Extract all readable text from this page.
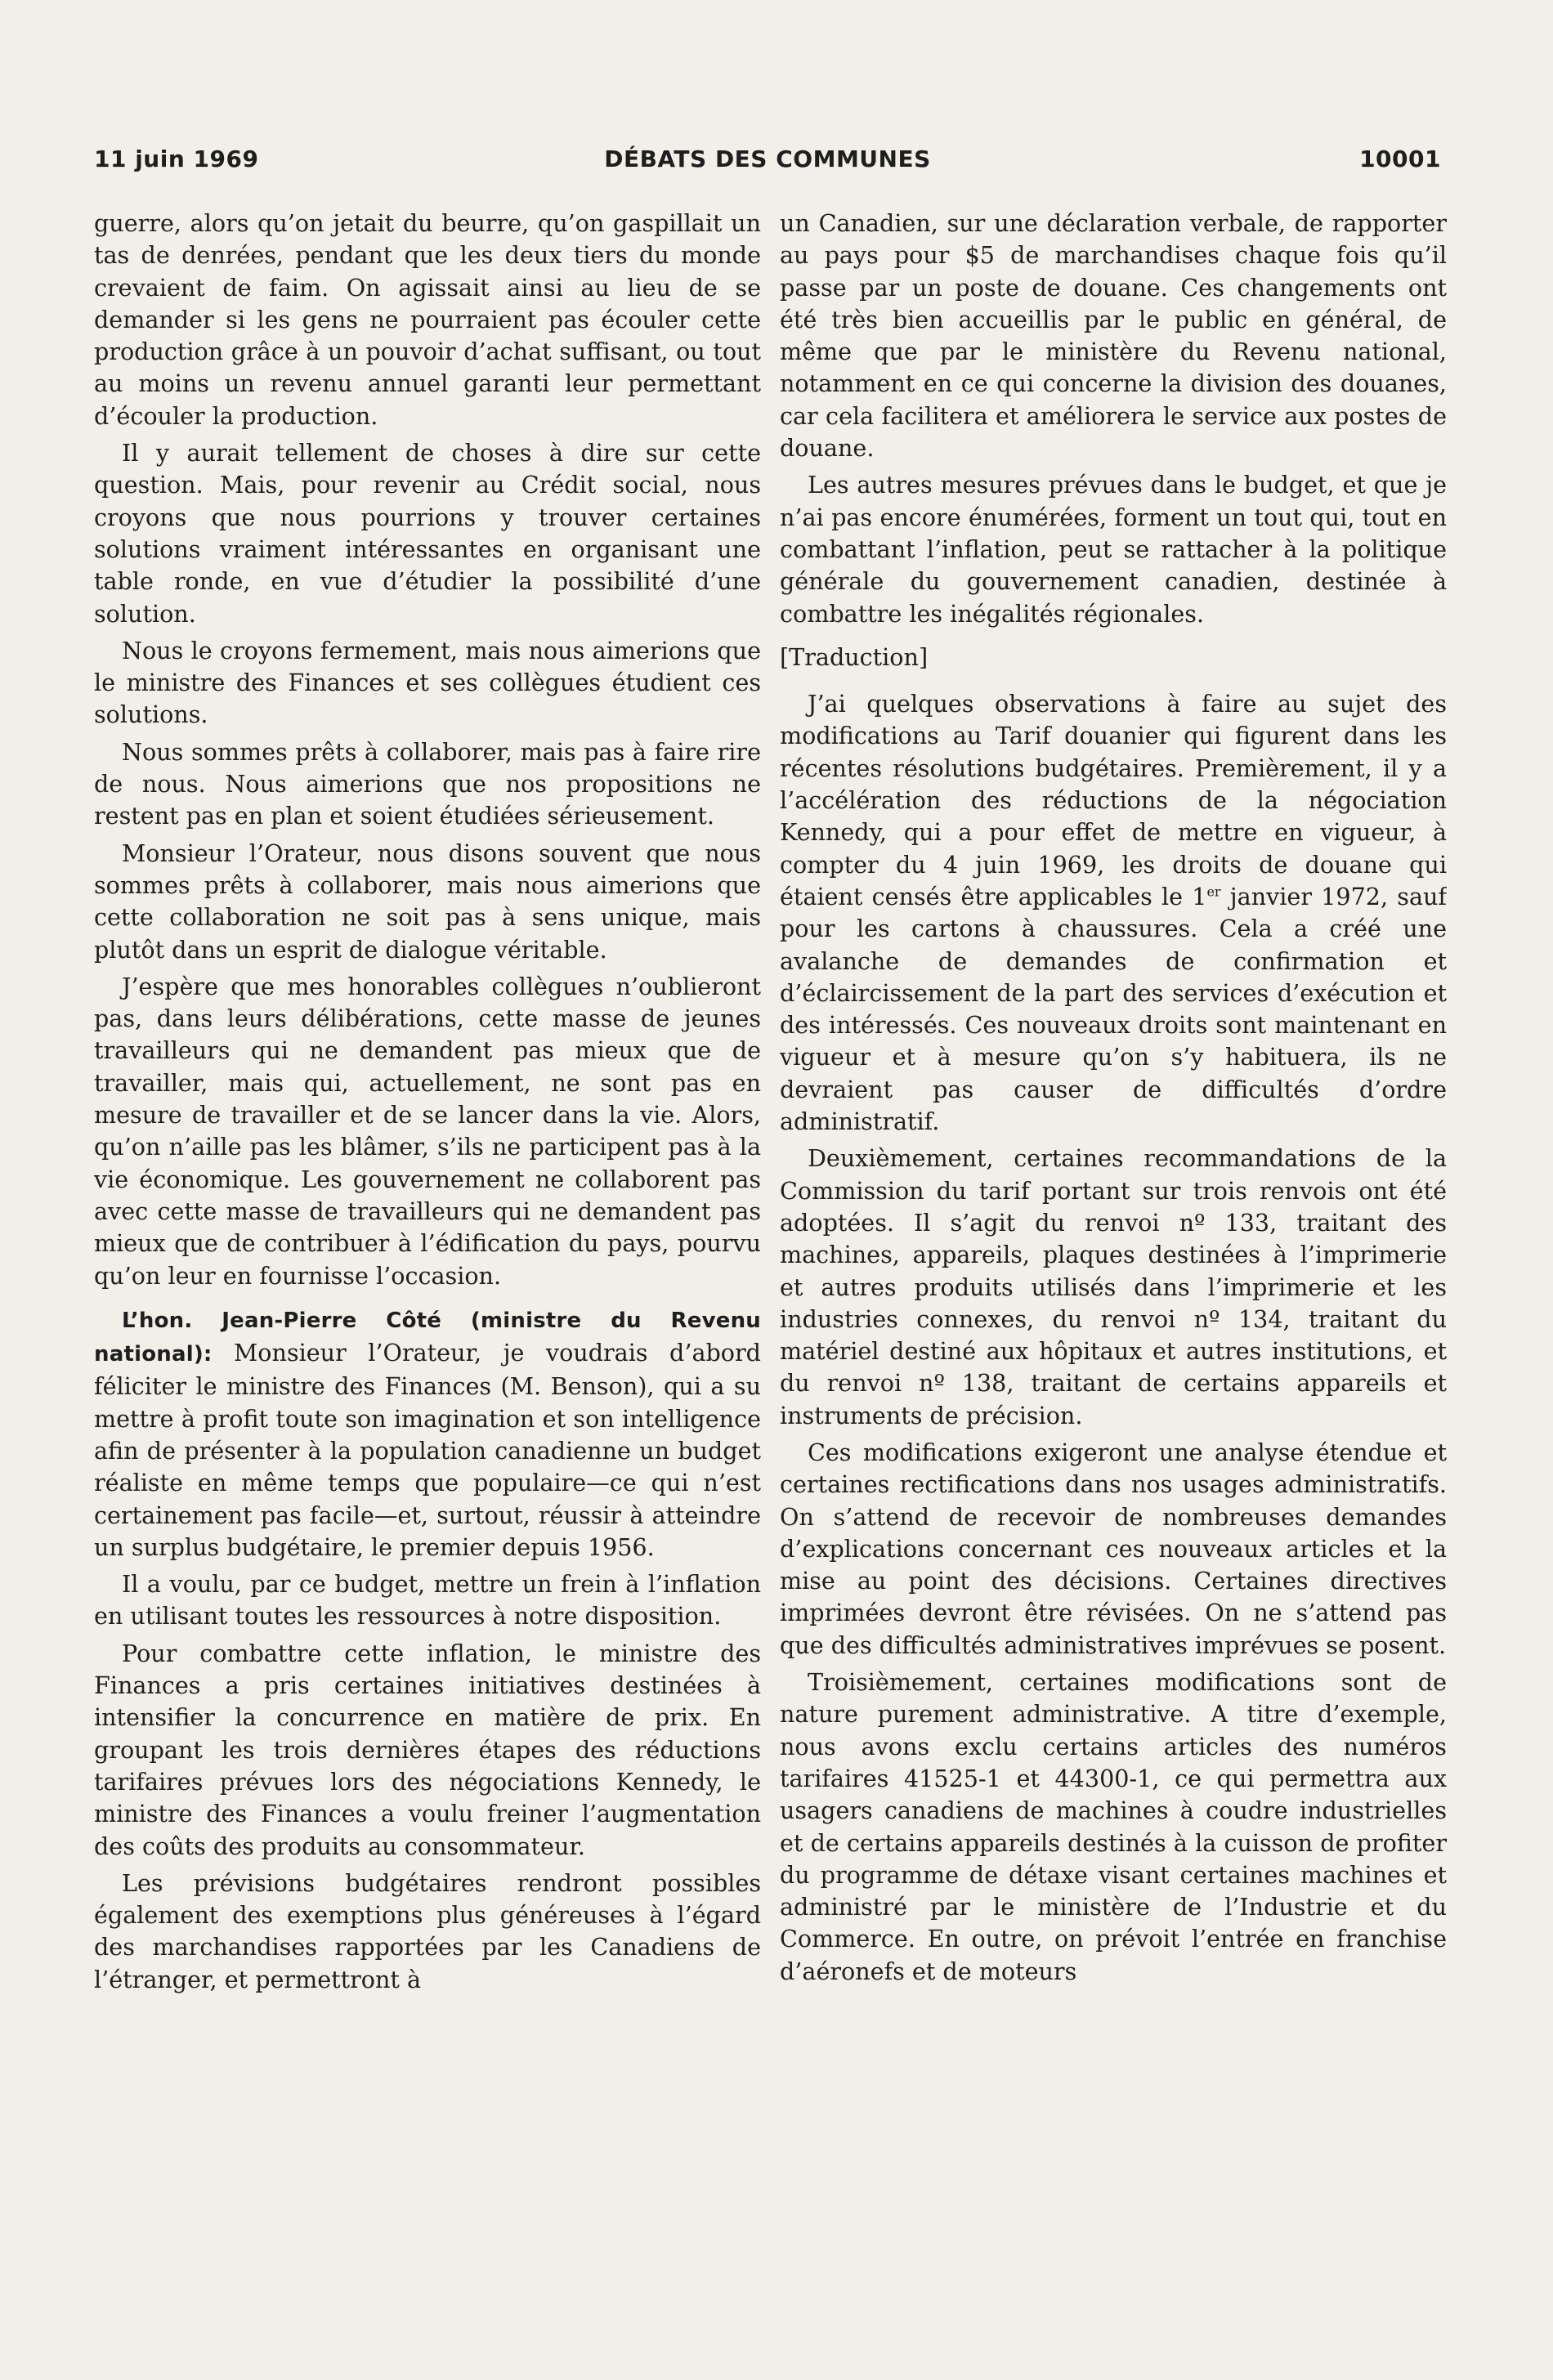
11 juin 1969	DÉBATS DES COMMUNES	10001

guerre, alors qu’on jetait du beurre, qu’on gaspillait un tas de denrées, pendant que les deux tiers du monde crevaient de faim. On agissait ainsi au lieu de se demander si les gens ne pourraient pas écouler cette production grâce à un pouvoir d’achat suffisant, ou tout au moins un revenu annuel garanti leur permettant d’écouler la production.

Il y aurait tellement de choses à dire sur cette question. Mais, pour revenir au Crédit social, nous croyons que nous pourrions y trouver certaines solutions vraiment intéressantes en organisant une table ronde, en vue d’étudier la possibilité d’une solution.

Nous le croyons fermement, mais nous aimerions que le ministre des Finances et ses collègues étudient ces solutions.

Nous sommes prêts à collaborer, mais pas à faire rire de nous. Nous aimerions que nos propositions ne restent pas en plan et soient étudiées sérieusement.

Monsieur l’Orateur, nous disons souvent que nous sommes prêts à collaborer, mais nous aimerions que cette collaboration ne soit pas à sens unique, mais plutôt dans un esprit de dialogue véritable.

J’espère que mes honorables collègues n’oublieront pas, dans leurs délibérations, cette masse de jeunes travailleurs qui ne demandent pas mieux que de travailler, mais qui, actuellement, ne sont pas en mesure de travailler et de se lancer dans la vie. Alors, qu’on n’aille pas les blâmer, s’ils ne participent pas à la vie économique. Les gouvernement ne collaborent pas avec cette masse de travailleurs qui ne demandent pas mieux que de contribuer à l’édification du pays, pourvu qu’on leur en fournisse l’occasion.

L’hon. Jean-Pierre Côté (ministre du Revenu national): Monsieur l’Orateur, je voudrais d’abord féliciter le ministre des Finances (M. Benson), qui a su mettre à profit toute son imagination et son intelligence afin de présenter à la population canadienne un budget réaliste en même temps que populaire—ce qui n’est certainement pas facile—et, surtout, réussir à atteindre un surplus budgétaire, le premier depuis 1956.

Il a voulu, par ce budget, mettre un frein à l’inflation en utilisant toutes les ressources à notre disposition.

Pour combattre cette inflation, le ministre des Finances a pris certaines initiatives destinées à intensifier la concurrence en matière de prix. En groupant les trois dernières étapes des réductions tarifaires prévues lors des négociations Kennedy, le ministre des Finances a voulu freiner l’augmentation des coûts des produits au consommateur.

Les prévisions budgétaires rendront possibles également des exemptions plus généreuses à l’égard des marchandises rapportées par les Canadiens de l’étranger, et permettront à

un Canadien, sur une déclaration verbale, de rapporter au pays pour $5 de marchandises chaque fois qu’il passe par un poste de douane. Ces changements ont été très bien accueillis par le public en général, de même que par le ministère du Revenu national, notamment en ce qui concerne la division des douanes, car cela facilitera et améliorera le service aux postes de douane.

Les autres mesures prévues dans le budget, et que je n’ai pas encore énumérées, forment un tout qui, tout en combattant l’inflation, peut se rattacher à la politique générale du gouvernement canadien, destinée à combattre les inégalités régionales.

[Traduction]

J’ai quelques observations à faire au sujet des modifications au Tarif douanier qui figurent dans les récentes résolutions budgétaires. Premièrement, il y a l’accélération des réductions de la négociation Kennedy, qui a pour effet de mettre en vigueur, à compter du 4 juin 1969, les droits de douane qui étaient censés être applicables le 1er janvier 1972, sauf pour les cartons à chaussures. Cela a créé une avalanche de demandes de confirmation et d’éclaircissement de la part des services d’exécution et des intéressés. Ces nouveaux droits sont maintenant en vigueur et à mesure qu’on s’y habituera, ils ne devraient pas causer de difficultés d’ordre administratif.

Deuxièmement, certaines recommandations de la Commission du tarif portant sur trois renvois ont été adoptées. Il s’agit du renvoi nº 133, traitant des machines, appareils, plaques destinées à l’imprimerie et autres produits utilisés dans l’imprimerie et les industries connexes, du renvoi nº 134, traitant du matériel destiné aux hôpitaux et autres institutions, et du renvoi nº 138, traitant de certains appareils et instruments de précision.

Ces modifications exigeront une analyse étendue et certaines rectifications dans nos usages administratifs. On s’attend de recevoir de nombreuses demandes d’explications concernant ces nouveaux articles et la mise au point des décisions. Certaines directives imprimées devront être révisées. On ne s’attend pas que des difficultés administratives imprévues se posent.

Troisièmement, certaines modifications sont de nature purement administrative. A titre d’exemple, nous avons exclu certains articles des numéros tarifaires 41525-1 et 44300-1, ce qui permettra aux usagers canadiens de machines à coudre industrielles et de certains appareils destinés à la cuisson de profiter du programme de détaxe visant certaines machines et administré par le ministère de l’Industrie et du Commerce. En outre, on prévoit l’entrée en franchise d’aéronefs et de moteurs
